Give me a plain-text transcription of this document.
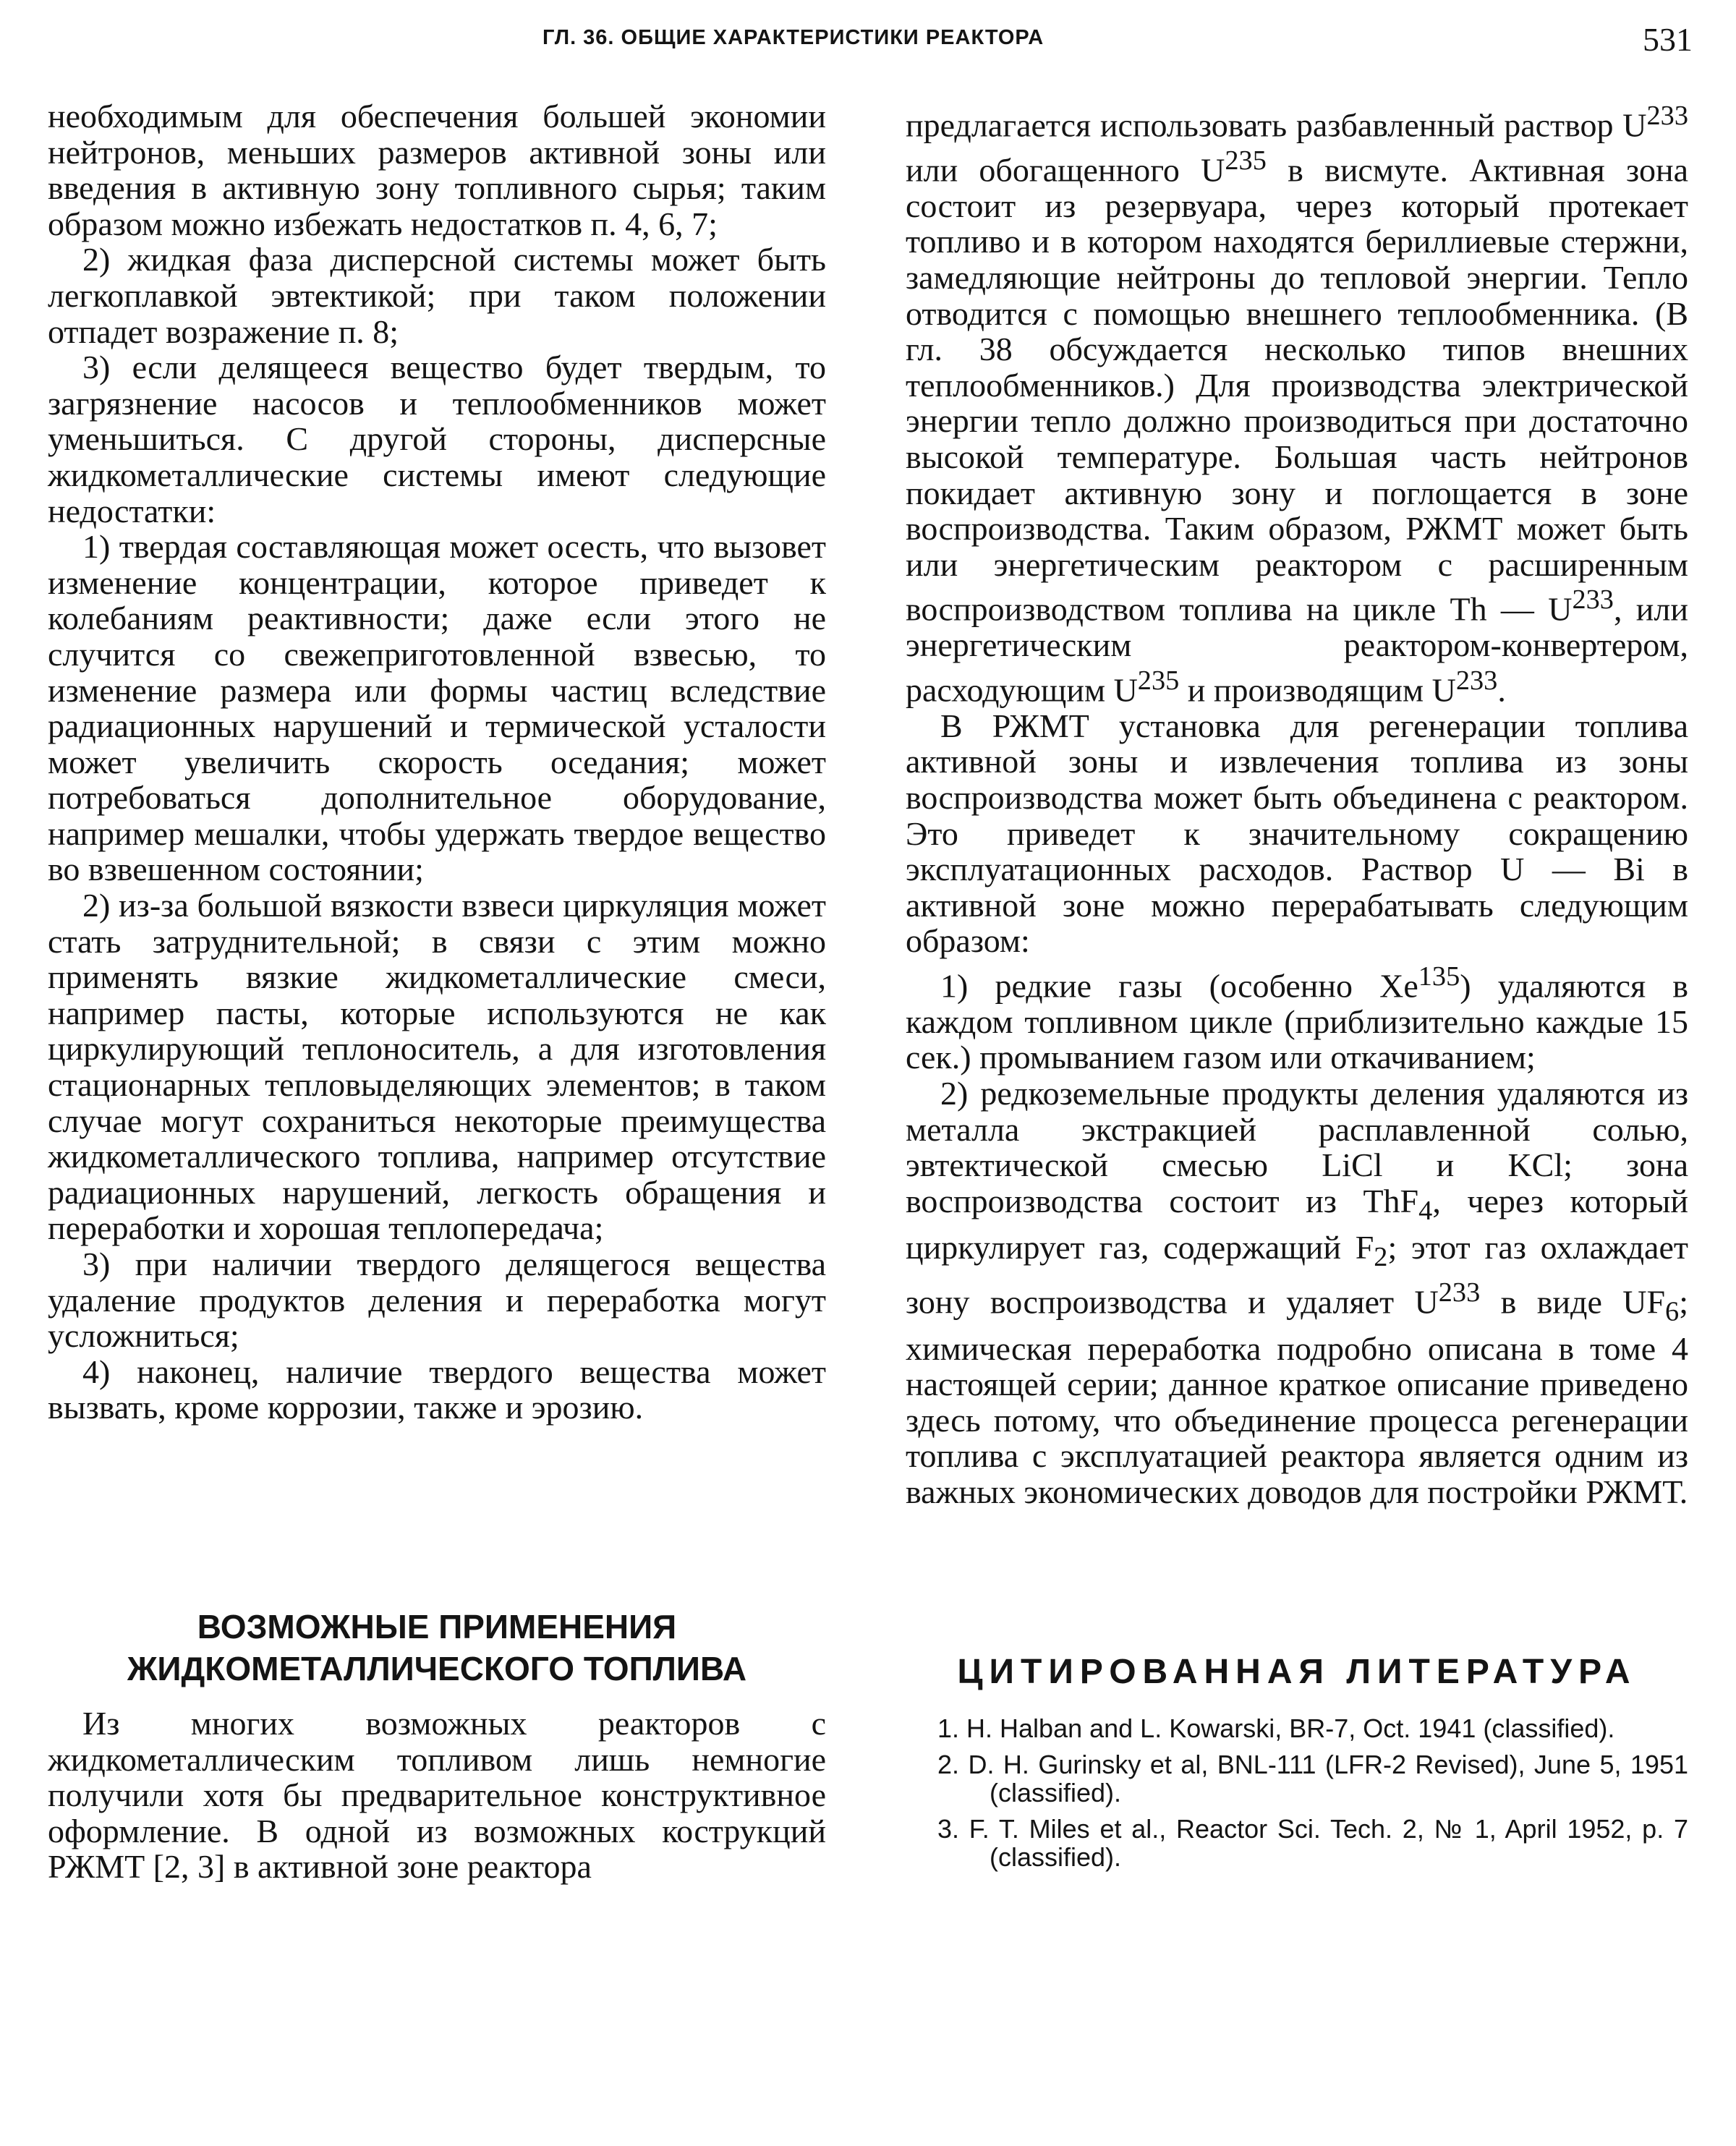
ГЛ. 36. ОБЩИЕ ХАРАКТЕРИСТИКИ РЕАКТОРА	531

необходимым для обеспечения большей экономии нейтронов, меньших размеров активной зоны или введения в активную зону топливного сырья; таким образом можно избежать недостатков п. 4, 6, 7;

2) жидкая фаза дисперсной системы может быть легкоплавкой эвтектикой; при таком положении отпадет возражение п. 8;

3) если делящееся вещество будет твердым, то загрязнение насосов и теплообменников может уменьшиться. С другой стороны, дисперсные жидкометаллические системы имеют следующие недостатки:

1) твердая составляющая может осесть, что вызовет изменение концентрации, которое приведет к колебаниям реактивности; даже если этого не случится со свежеприготовленной взвесью, то изменение размера или формы частиц вследствие радиационных нарушений и термической усталости может увеличить скорость оседания; может потребоваться дополнительное оборудование, например мешалки, чтобы удержать твердое вещество во взвешенном состоянии;

2) из-за большой вязкости взвеси циркуляция может стать затруднительной; в связи с этим можно применять вязкие жидкометаллические смеси, например пасты, которые используются не как циркулирующий теплоноситель, а для изготовления стационарных тепловыделяющих элементов; в таком случае могут сохраниться некоторые преимущества жидкометаллического топлива, например отсутствие радиационных нарушений, легкость обращения и переработки и хорошая теплопередача;

3) при наличии твердого делящегося вещества удаление продуктов деления и переработка могут усложниться;

4) наконец, наличие твердого вещества может вызвать, кроме коррозии, также и эрозию.

ВОЗМОЖНЫЕ ПРИМЕНЕНИЯ
ЖИДКОМЕТАЛЛИЧЕСКОГО ТОПЛИВА

Из многих возможных реакторов с жидкометаллическим топливом лишь немногие получили хотя бы предварительное конструктивное оформление. В одной из возможных кострукций РЖМТ [2, 3] в активной зоне реактора

предлагается использовать разбавленный раствор $U^{233}$ или обогащенного $U^{235}$ в висмуте. Активная зона состоит из резервуара, через который протекает топливо и в котором находятся бериллиевые стержни, замедляющие нейтроны до тепловой энергии. Тепло отводится с помощью внешнего теплообменника. (В гл. 38 обсуждается несколько типов внешних теплообменников.) Для производства электрической энергии тепло должно производиться при достаточно высокой температуре. Большая часть нейтронов покидает активную зону и поглощается в зоне воспроизводства. Таким образом, РЖМТ может быть или энергетическим реактором с расширенным воспроизводством топлива на цикле Th — $U^{233}$, или энергетическим реактором-конвертером, расходующим $U^{235}$ и производящим $U^{233}$.

В РЖМТ установка для регенерации топлива активной зоны и извлечения топлива из зоны воспроизводства может быть объединена с реактором. Это приведет к значительному сокращению эксплуатационных расходов. Раствор U — Bi в активной зоне можно перерабатывать следующим образом:

1) редкие газы (особенно Xe$^{135}$) удаляются в каждом топливном цикле (приблизительно каждые 15 сек.) промыванием газом или откачиванием;

2) редкоземельные продукты деления удаляются из металла экстракцией расплавленной солью, эвтектической смесью LiCl и KCl; зона воспроизводства состоит из ThF$_4$, через который циркулирует газ, содержащий $F_2$; этот газ охлаждает зону воспроизводства и удаляет $U^{233}$ в виде $UF_6$; химическая переработка подробно описана в томе 4 настоящей серии; данное краткое описание приведено здесь потому, что объединение процесса регенерации топлива с эксплуатацией реактора является одним из важных экономических доводов для постройки РЖМТ.

ЦИТИРОВАННАЯ ЛИТЕРАТУРА

1. H. Halban and L. Kowarski, BR-7, Oct. 1941 (classified).

2. D. H. Gurinsky et al, BNL-111 (LFR-2 Revised), June 5, 1951 (classified).

3. F. T. Miles et al., Reactor Sci. Tech. 2, № 1, April 1952, p. 7 (classified).
